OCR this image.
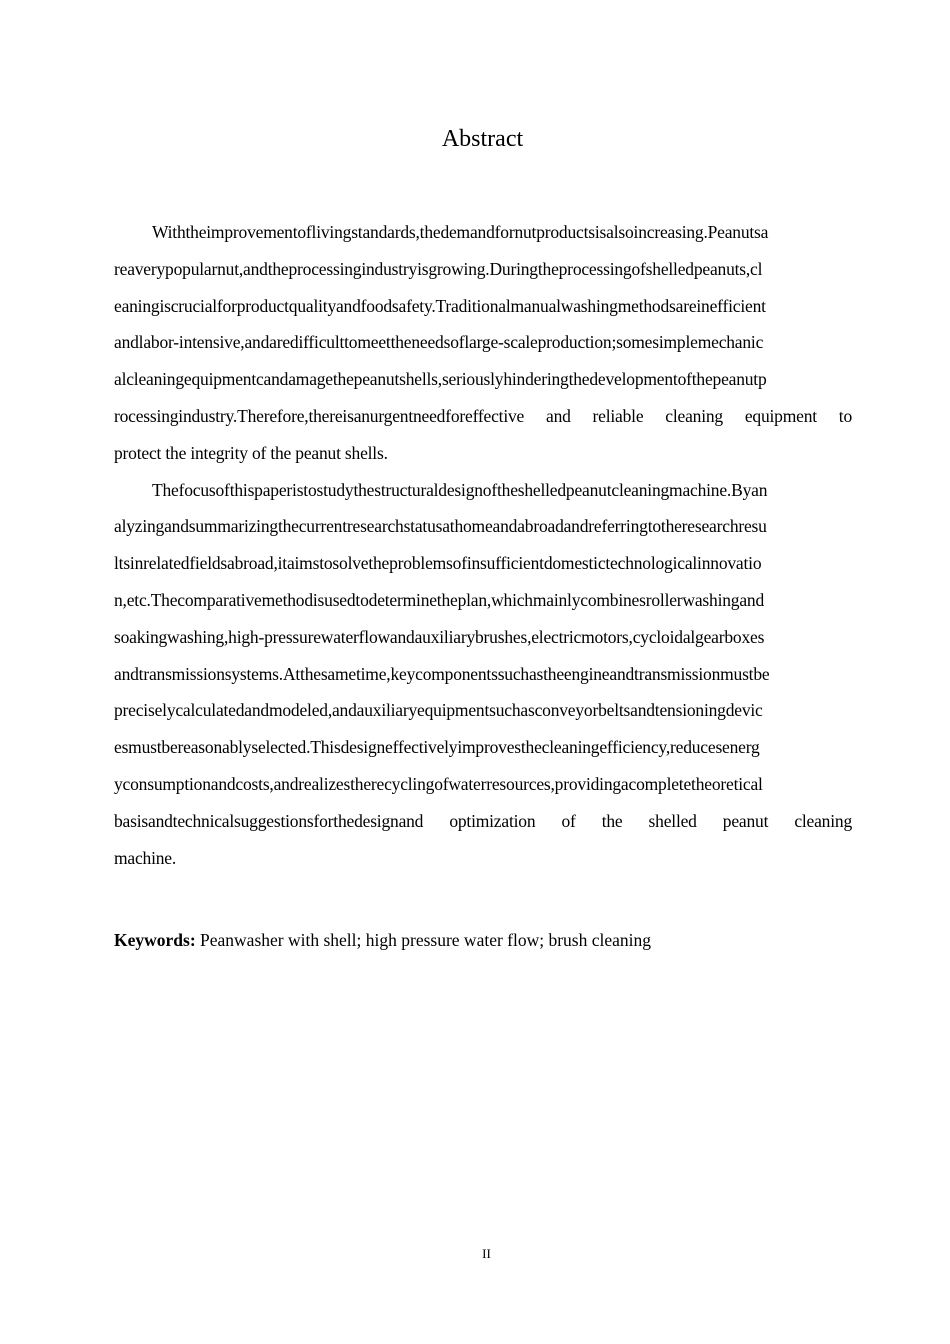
Abstract
Withtheimprovementoflivingstandards,thedemandfornutproductsisalsoincreasing.Peanutsa
reaverypopularnut,andtheprocessingindustryisgrowing.Duringtheprocessingofshelledpeanuts,cl
eaningiscrucialforproductqualityandfoodsafety.Traditionalmanualwashingmethodsareinefficient
andlabor-intensive,andaredifficulttomeettheneedsoflarge-scaleproduction;somesimplemechanic
alcleaningequipmentcandamagethepeanutshells,seriouslyhinderingthedevelopmentofthepeanutp
rocessingindustry.Therefore,thereisanurgentneedforeffective and reliable cleaning equipment to
protect the integrity of the peanut shells.
Thefocusofthispaperistostudythestructuraldesignoftheshelledpeanutcleaningmachine.Byan
alyzingandsummarizingthecurrentresearchstatusathomeandabroadandreferringtotheresearchresu
ltsinrelatedfieldsabroad,itaimstosolvetheproblemsofinsufficientdomestictechnologicalinnovatio
n,etc.Thecomparativemethodisusedtodeterminetheplan,whichmainlycombinesrollerwashingand
soakingwashing,high-pressurewaterflowandauxiliarybrushes,electricmotors,cycloidalgearboxes
andtransmissionsystems.Atthesametime,keycomponentssuchastheengineandtransmissionmustbe
preciselycalculatedandmodeled,andauxiliaryequipmentsuchasconveyorbeltsandtensioningdevic
esmustbereasonablyselected.Thisdesigneffectivelyimprovesthecleaningefficiency,reducesenerg
yconsumptionandcosts,andrealizestherecyclingofwaterresources,providingacompletetheoretical
basisandtechnicalsuggestionsforthedesignand optimization of the shelled peanut cleaning
machine.
Keywords: Peanwasher with shell; high pressure water flow; brush cleaning
II
